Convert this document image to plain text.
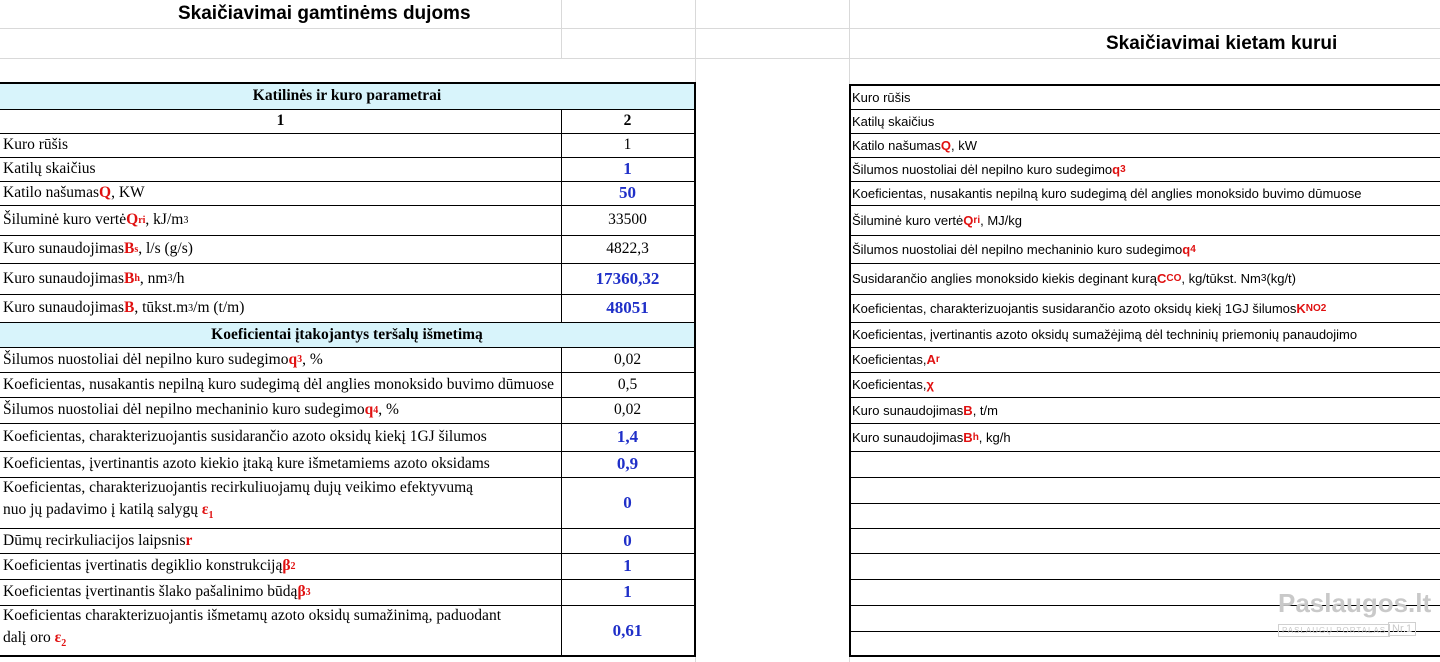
Skaičiavimai gamtinėms dujoms
Skaičiavimai kietam kurui
Katilinės ir kuro parametrai
1	2
Kuro rūšis	1
Katilų skaičius	1
Katilo našumas Q , KW	50
Šiluminė kuro vertė Q r i , kJ/m 3	33500
Kuro sunaudojimas B s , l/s (g/s)	4822,3
Kuro sunaudojimas B h , nm 3 /h	17360,32
Kuro sunaudojimas B , tūkst.m 3 /m (t/m)	48051
Koeficientai įtakojantys teršalų išmetimą
Šilumos nuostoliai dėl nepilno kuro sudegimo q 3 , %	0,02
Koeficientas, nusakantis nepilną kuro sudegimą dėl anglies monoksido buvimo dūmuose	0,5
Šilumos nuostoliai dėl nepilno mechaninio kuro sudegimo q 4 , %	0,02
Koeficientas, charakterizuojantis susidarančio azoto oksidų kiekį 1GJ šilumos	1,4
Koeficientas, įvertinantis azoto kiekio įtaką kure išmetamiems azoto oksidams	0,9
Koeficientas, charakterizuojantis recirkuliuojamų dujų veikimo efektyvumą
nuo jų padavimo į katilą salygų $\varepsilon_1$
0
Dūmų recirkuliacijos laipsnis r	0
Koeficientas įvertinatis degiklio konstrukciją β 2	1
Koeficientas įvertinantis šlako pašalinimo būdą β 3	1
Koeficientas charakterizuojantis išmetamų azoto oksidų sumažinimą, paduodant
dalį oro $\varepsilon_2$
0,61
Kuro rūšis
Katilų skaičius
Katilo našumas Q , kW
Šilumos nuostoliai dėl nepilno kuro sudegimo q 3
Koeficientas, nusakantis nepilną kuro sudegimą dėl anglies monoksido buvimo dūmuose
Šiluminė kuro vertė Q r i , MJ/kg
Šilumos nuostoliai dėl nepilno mechaninio kuro sudegimo q 4
Susidarančio anglies monoksido kiekis deginant kurą C CO , kg/tūkst. Nm 3 (kg/t)
Koeficientas, charakterizuojantis susidarančio azoto oksidų kiekį 1GJ šilumos K NO2
Koeficientas, įvertinantis azoto oksidų sumažėjimą dėl techninių priemonių panaudojimo
Koeficientas, A r
Koeficientas, χ
Kuro sunaudojimas B , t/m
Kuro sunaudojimas B h , kg/h
Paslaugos.lt
PASLAUGŲ PORTALAS Nr.1
